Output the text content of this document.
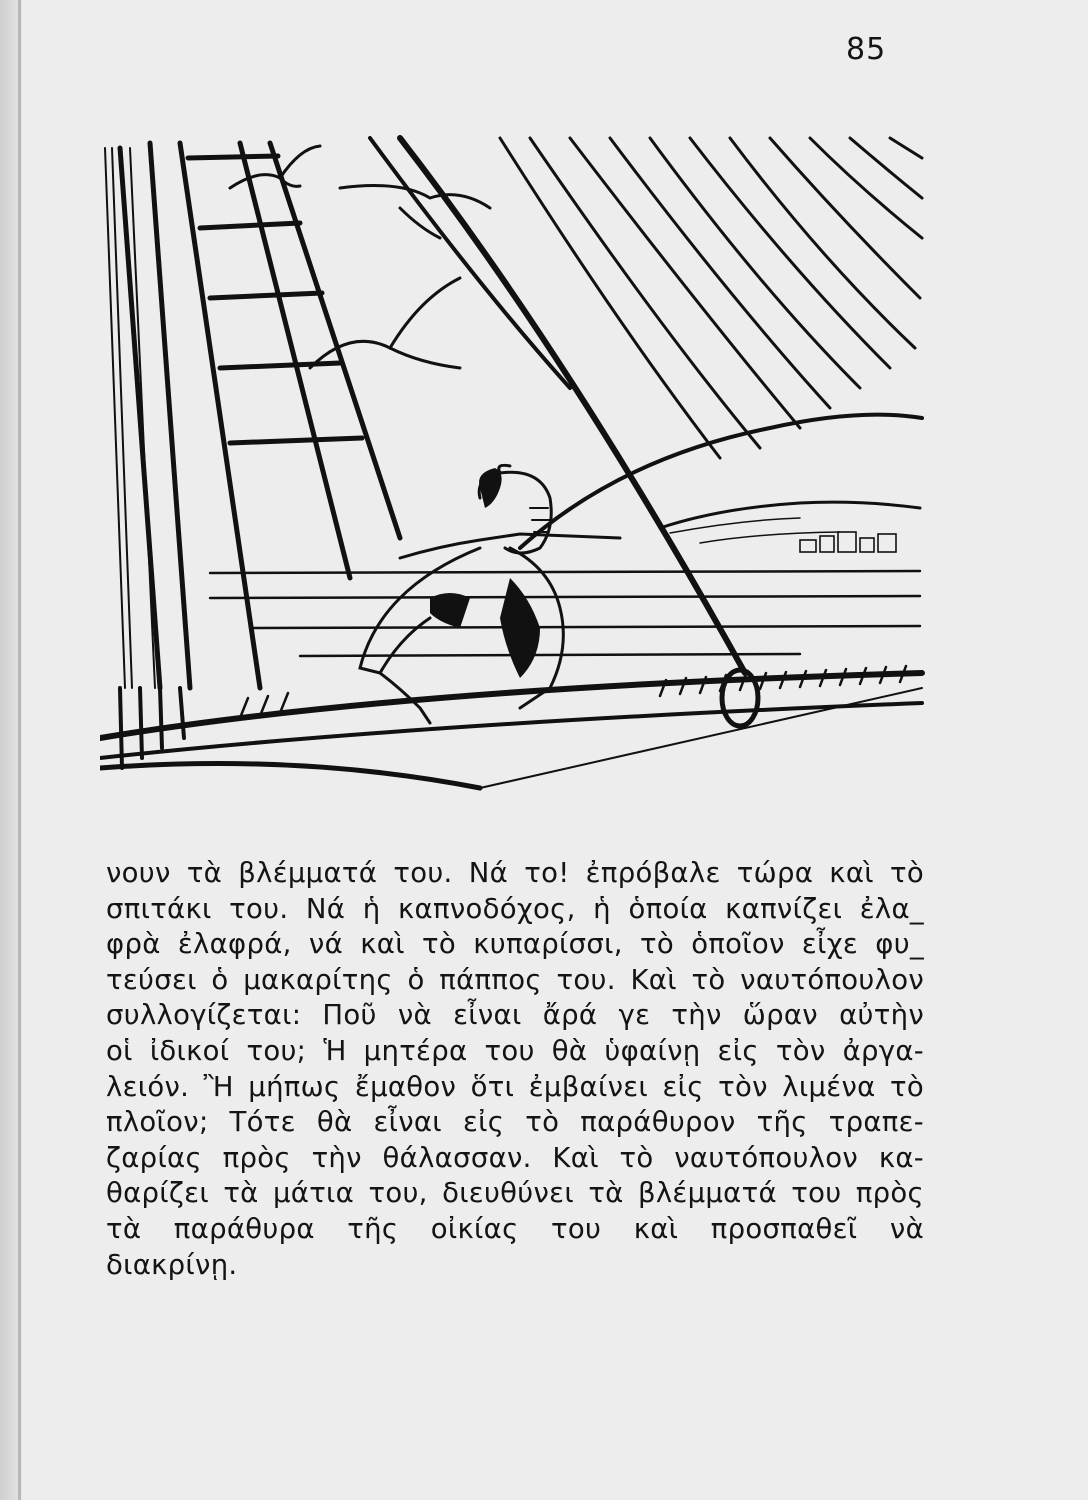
85
νουν τὰ βλέμματά του. Νά το! ἐπρόβαλε τώρα καὶ τὸ
σπιτάκι του. Νά ἡ καπνοδόχος, ἡ ὁποία καπνίζει ἐλα_
φρὰ ἐλαφρά, νά καὶ τὸ κυπαρίσσι, τὸ ὁποῖον εἶχε φυ_
τεύσει ὁ μακαρίτης ὁ πάππος του. Καὶ τὸ ναυτόπουλον
συλλογίζεται: Ποῦ νὰ εἶναι ἄρά γε τὴν ὥραν αὐτὴν
οἱ ἰδικοί του; Ἡ μητέρα του θὰ ὑφαίνῃ εἰς τὸν ἀργα-
λειόν. Ἢ μήπως ἔμαθον ὅτι ἐμβαίνει εἰς τὸν λιμένα τὸ
πλοῖον; Τότε θὰ εἶναι εἰς τὸ παράθυρον τῆς τραπε-
ζαρίας πρὸς τὴν θάλασσαν. Καὶ τὸ ναυτόπουλον κα-
θαρίζει τὰ μάτια του, διευθύνει τὰ βλέμματά του πρὸς
τὰ παράθυρα τῆς οἰκίας του καὶ προσπαθεῖ νὰ
διακρίνῃ.
